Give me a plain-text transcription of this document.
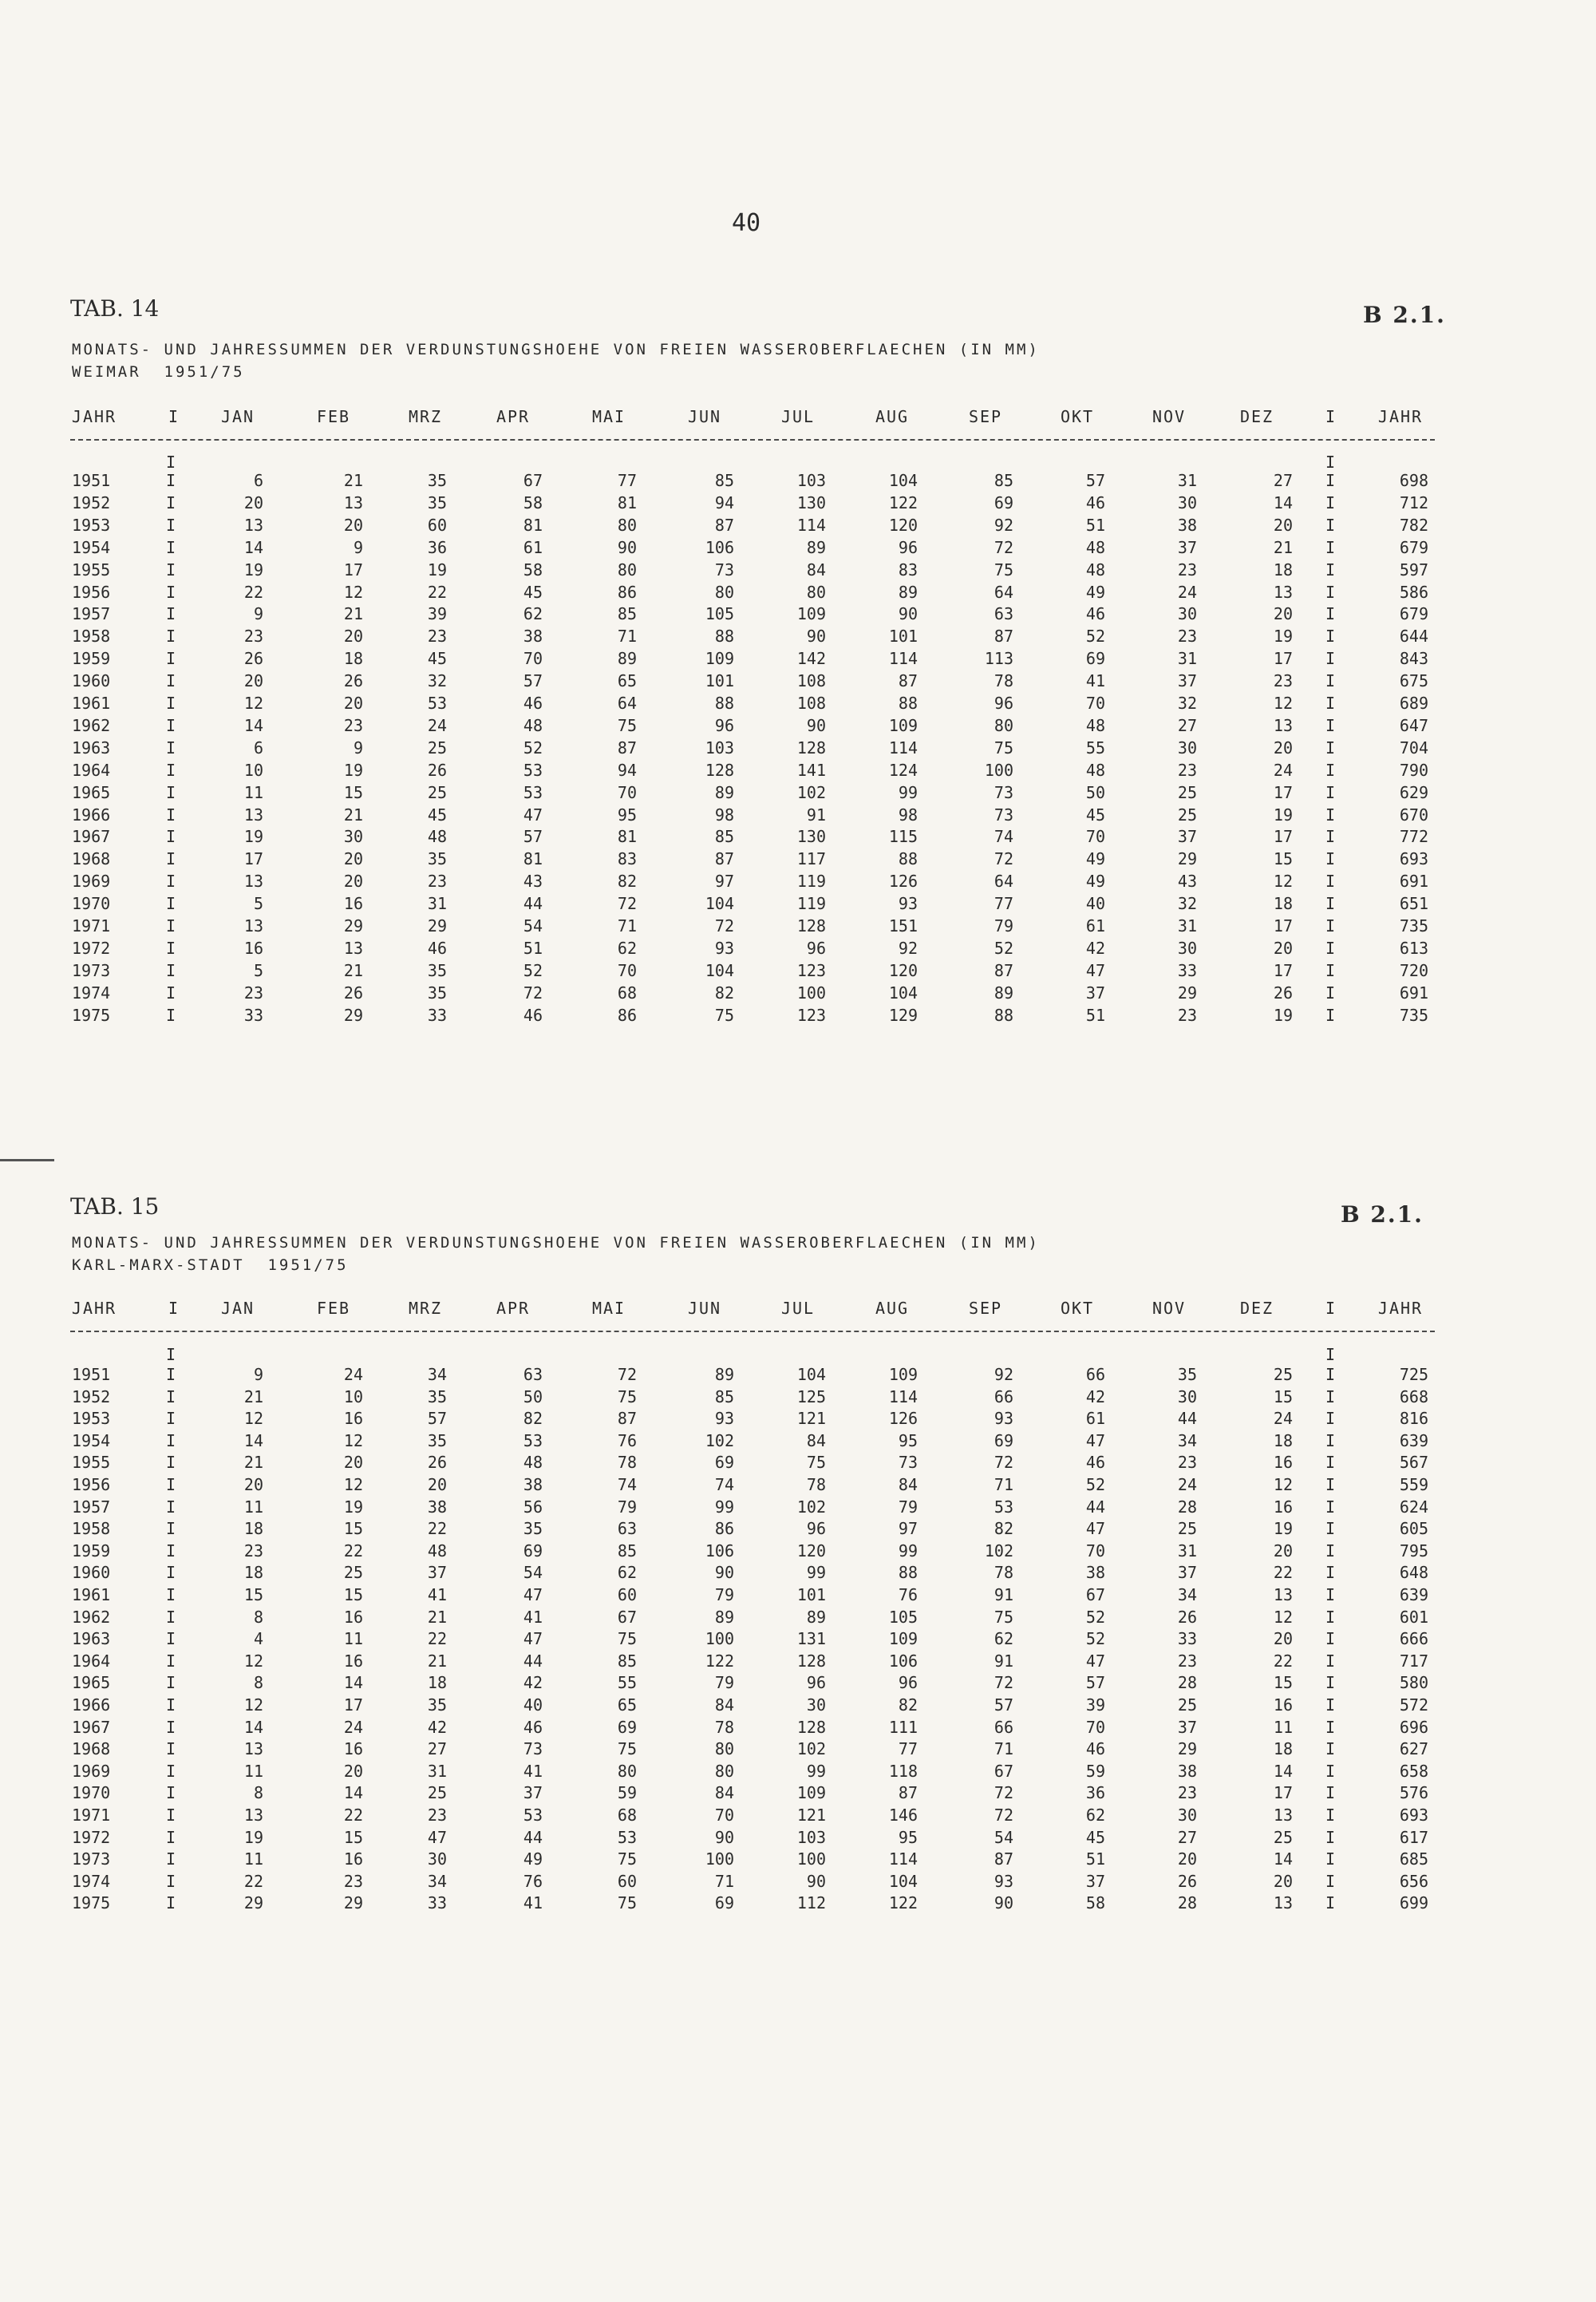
40
TAB. 14	B 2.1.
MONATS- UND JAHRESSUMMEN DER VERDUNSTUNGSHOEHE VON FREIEN WASSEROBERFLAECHEN (IN MM)
WEIMAR  1951/75
JAHR	I	JAN	FEB	MRZ	APR	MAI	JUN	JUL	AUG	SEP	OKT	NOV	DEZ	I	JAHR
I	I
1951	I	6	21	35	67	77	85	103	104	85	57	31	27 I	698
1952	I	20	13	35	58	81	94	130	122	69	46	30	14 I	712
1953	I	13	20	60	81	80	87	114	120	92	51	38	20 I	782
1954	I	14	9	36	61	90	106	89	96	72	48	37	21 I	679
1955	I	19	17	19	58	80	73	84	83	75	48	23	18 I	597
1956	I	22	12	22	45	86	80	80	89	64	49	24	13 I	586
1957	I	9	21	39	62	85	105	109	90	63	46	30	20 I	679
1958	I	23	20	23	38	71	88	90	101	87	52	23	19 I	644
1959	I	26	18	45	70	89	109	142	114	113	69	31	17 I	843
1960	I	20	26	32	57	65	101	108	87	78	41	37	23 I	675
1961	I	12	20	53	46	64	88	108	88	96	70	32	12 I	689
1962	I	14	23	24	48	75	96	90	109	80	48	27	13 I	647
1963	I	6	9	25	52	87	103	128	114	75	55	30	20 I	704
1964	I	10	19	26	53	94	128	141	124	100	48	23	24 I	790
1965	I	11	15	25	53	70	89	102	99	73	50	25	17 I	629
1966	I	13	21	45	47	95	98	91	98	73	45	25	19 I	670
1967	I	19	30	48	57	81	85	130	115	74	70	37	17 I	772
1968	I	17	20	35	81	83	87	117	88	72	49	29	15 I	693
1969	I	13	20	23	43	82	97	119	126	64	49	43	12 I	691
1970	I	5	16	31	44	72	104	119	93	77	40	32	18 I	651
1971	I	13	29	29	54	71	72	128	151	79	61	31	17 I	735
1972	I	16	13	46	51	62	93	96	92	52	42	30	20 I	613
1973	I	5	21	35	52	70	104	123	120	87	47	33	17 I	720
1974	I	23	26	35	72	68	82	100	104	89	37	29	26 I	691
1975	I	33	29	33	46	86	75	123	129	88	51	23	19 I	735
TAB. 15	B 2.1.
MONATS- UND JAHRESSUMMEN DER VERDUNSTUNGSHOEHE VON FREIEN WASSEROBERFLAECHEN (IN MM)
KARL-MARX-STADT  1951/75
JAHR	I	JAN	FEB	MRZ	APR	MAI	JUN	JUL	AUG	SEP	OKT	NOV	DEZ	I	JAHR
I	I
1951	I	9	24	34	63	72	89	104	109	92	66	35	25 I	725
1952	I	21	10	35	50	75	85	125	114	66	42	30	15 I	668
1953	I	12	16	57	82	87	93	121	126	93	61	44	24 I	816
1954	I	14	12	35	53	76	102	84	95	69	47	34	18 I	639
1955	I	21	20	26	48	78	69	75	73	72	46	23	16 I	567
1956	I	20	12	20	38	74	74	78	84	71	52	24	12 I	559
1957	I	11	19	38	56	79	99	102	79	53	44	28	16 I	624
1958	I	18	15	22	35	63	86	96	97	82	47	25	19 I	605
1959	I	23	22	48	69	85	106	120	99	102	70	31	20 I	795
1960	I	18	25	37	54	62	90	99	88	78	38	37	22 I	648
1961	I	15	15	41	47	60	79	101	76	91	67	34	13 I	639
1962	I	8	16	21	41	67	89	89	105	75	52	26	12 I	601
1963	I	4	11	22	47	75	100	131	109	62	52	33	20 I	666
1964	I	12	16	21	44	85	122	128	106	91	47	23	22 I	717
1965	I	8	14	18	42	55	79	96	96	72	57	28	15 I	580
1966	I	12	17	35	40	65	84	30	82	57	39	25	16 I	572
1967	I	14	24	42	46	69	78	128	111	66	70	37	11 I	696
1968	I	13	16	27	73	75	80	102	77	71	46	29	18 I	627
1969	I	11	20	31	41	80	80	99	118	67	59	38	14 I	658
1970	I	8	14	25	37	59	84	109	87	72	36	23	17 I	576
1971	I	13	22	23	53	68	70	121	146	72	62	30	13 I	693
1972	I	19	15	47	44	53	90	103	95	54	45	27	25 I	617
1973	I	11	16	30	49	75	100	100	114	87	51	20	14 I	685
1974	I	22	23	34	76	60	71	90	104	93	37	26	20 I	656
1975	I	29	29	33	41	75	69	112	122	90	58	28	13 I	699
